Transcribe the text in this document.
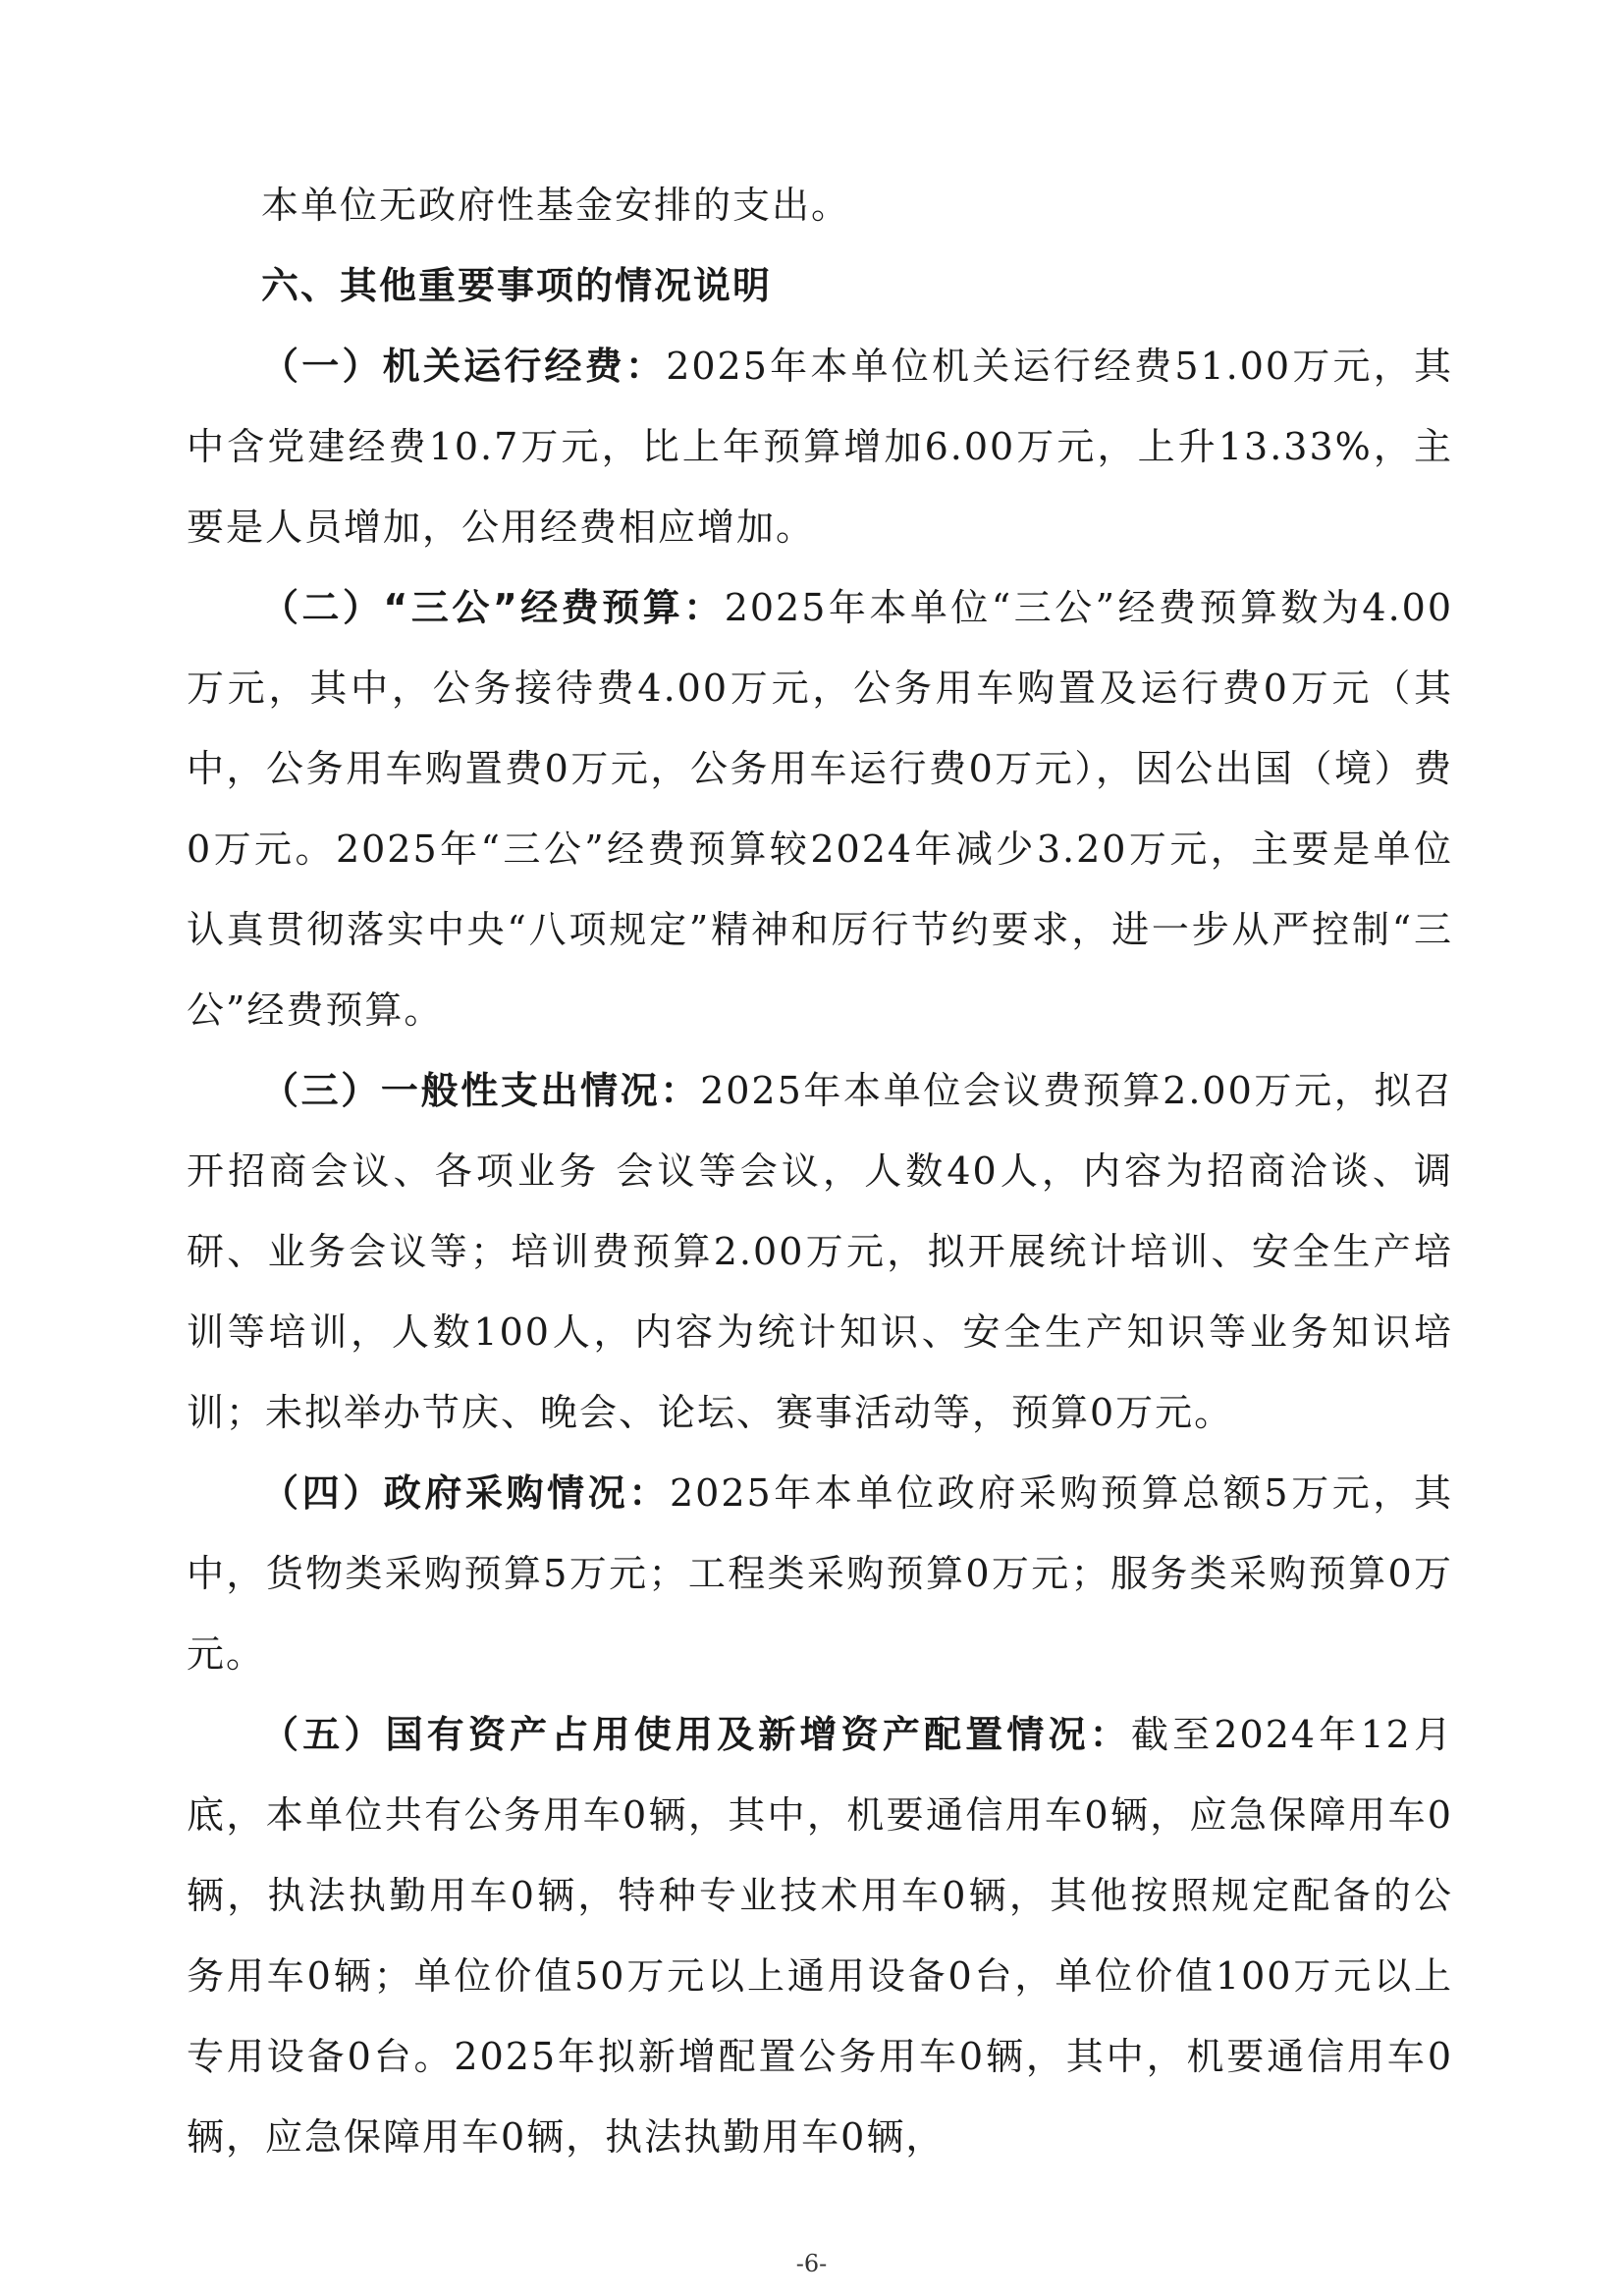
本单位无政府性基金安排的支出。

六、其他重要事项的情况说明

（一）机关运行经费：2025年本单位机关运行经费51.00万元，其中含党建经费10.7万元，比上年预算增加6.00万元，上升13.33%，主要是人员增加，公用经费相应增加。

（二）“三公”经费预算：2025年本单位“三公”经费预算数为4.00万元，其中，公务接待费4.00万元，公务用车购置及运行费0万元（其中，公务用车购置费0万元，公务用车运行费0万元），因公出国（境）费0万元。2025年“三公”经费预算较2024年减少3.20万元，主要是单位认真贯彻落实中央“八项规定”精神和厉行节约要求，进一步从严控制“三公”经费预算。

（三）一般性支出情况：2025年本单位会议费预算2.00万元，拟召开招商会议、各项业务 会议等会议，人数40人，内容为招商洽谈、调研、业务会议等；培训费预算2.00万元，拟开展统计培训、安全生产培训等培训，人数100人，内容为统计知识、安全生产知识等业务知识培训；未拟举办节庆、晚会、论坛、赛事活动等，预算0万元。

（四）政府采购情况：2025年本单位政府采购预算总额5万元，其中，货物类采购预算5万元；工程类采购预算0万元；服务类采购预算0万元。

（五）国有资产占用使用及新增资产配置情况：截至2024年12月底，本单位共有公务用车0辆，其中，机要通信用车0辆，应急保障用车0辆，执法执勤用车0辆，特种专业技术用车0辆，其他按照规定配备的公务用车0辆；单位价值50万元以上通用设备0台，单位价值100万元以上专用设备0台。2025年拟新增配置公务用车0辆，其中，机要通信用车0辆，应急保障用车0辆，执法执勤用车0辆，

-6-
